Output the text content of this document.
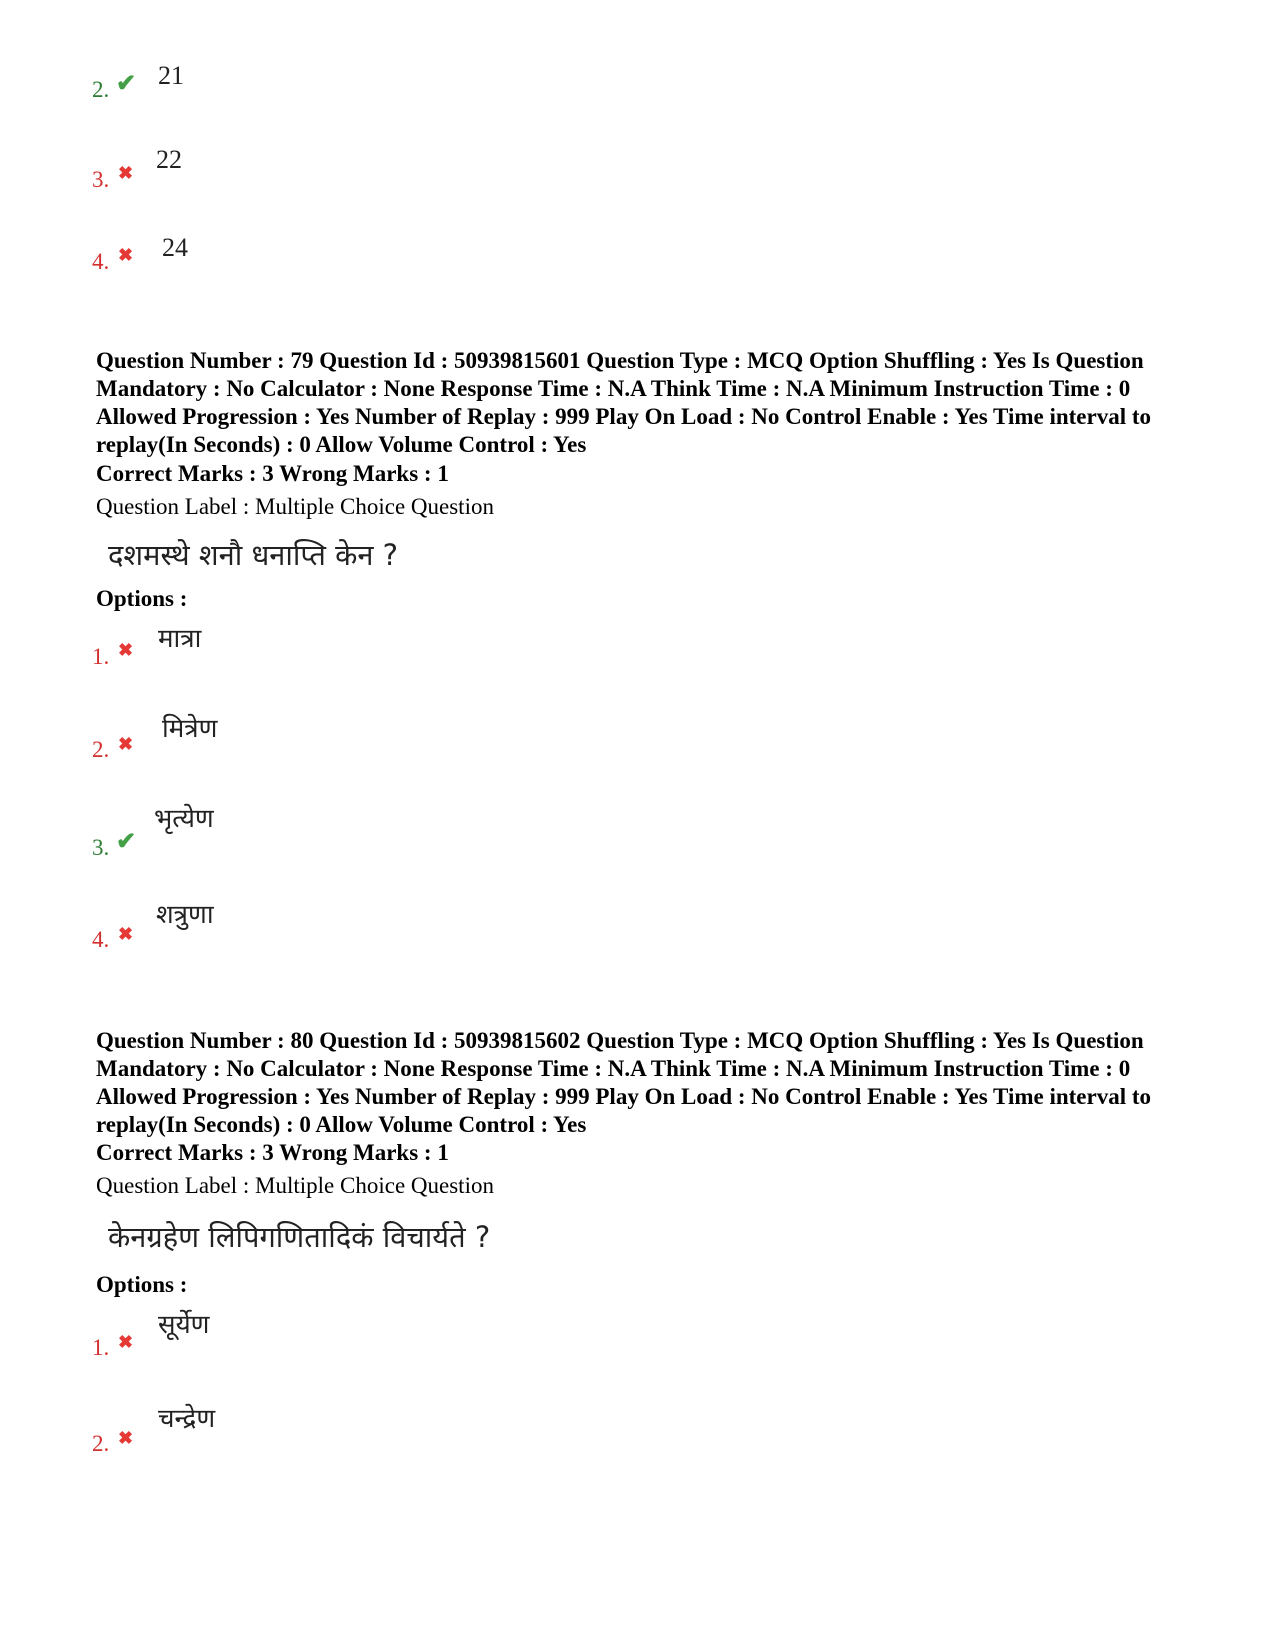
2. ✔ 21
3. ✖ 22
4. ✖ 24
Question Number : 79 Question Id : 50939815601 Question Type : MCQ Option Shuffling : Yes Is Question Mandatory : No Calculator : None Response Time : N.A Think Time : N.A Minimum Instruction Time : 0 Allowed Progression : Yes Number of Replay : 999 Play On Load : No Control Enable : Yes Time interval to replay(In Seconds) : 0 Allow Volume Control : Yes
Correct Marks : 3 Wrong Marks : 1
Question Label : Multiple Choice Question
दशमस्थे शनौ धनाप्ति केन ?
Options :
1. ✖ मात्रा
2. ✖ मित्रेण
3. ✔
भृत्येण
4. ✖
शत्रुणा
Question Number : 80 Question Id : 50939815602 Question Type : MCQ Option Shuffling : Yes Is Question Mandatory : No Calculator : None Response Time : N.A Think Time : N.A Minimum Instruction Time : 0 Allowed Progression : Yes Number of Replay : 999 Play On Load : No Control Enable : Yes Time interval to replay(In Seconds) : 0 Allow Volume Control : Yes
Correct Marks : 3 Wrong Marks : 1
Question Label : Multiple Choice Question
केनग्रहेण लिपिगणितादिकं विचार्यते ?
Options :
1. ✖
सूर्येण
2. ✖
चन्द्रेण
